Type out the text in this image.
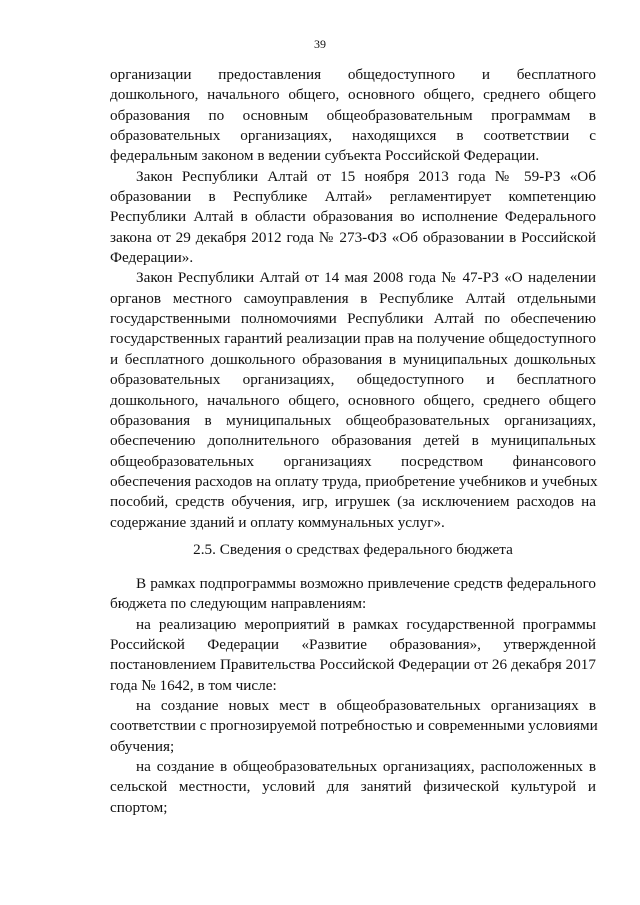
39
организации предоставления общедоступного и бесплатного
дошкольного, начального общего, основного общего, среднего общего
образования по основным общеобразовательным программам в
образовательных организациях, находящихся в соответствии с
федеральным законом в ведении субъекта Российской Федерации.
Закон Республики Алтай от 15 ноября 2013 года № 59-РЗ «Об
образовании в Республике Алтай» регламентирует компетенцию
Республики Алтай в области образования во исполнение Федерального
закона от 29 декабря 2012 года № 273-ФЗ «Об образовании в Российской
Федерации».
Закон Республики Алтай от 14 мая 2008 года № 47-РЗ «О наделении
органов местного самоуправления в Республике Алтай отдельными
государственными полномочиями Республики Алтай по обеспечению
государственных гарантий реализации прав на получение общедоступного
и бесплатного дошкольного образования в муниципальных дошкольных
образовательных организациях, общедоступного и бесплатного
дошкольного, начального общего, основного общего, среднего общего
образования в муниципальных общеобразовательных организациях,
обеспечению дополнительного образования детей в муниципальных
общеобразовательных организациях посредством финансового
обеспечения расходов на оплату труда, приобретение учебников и учебных
пособий, средств обучения, игр, игрушек (за исключением расходов на
содержание зданий и оплату коммунальных услуг».
2.5. Сведения о средствах федерального бюджета
В рамках подпрограммы возможно привлечение средств федерального
бюджета по следующим направлениям:
на реализацию мероприятий в рамках государственной программы
Российской Федерации «Развитие образования», утвержденной
постановлением Правительства Российской Федерации от 26 декабря 2017
года № 1642, в том числе:
на создание новых мест в общеобразовательных организациях в
соответствии с прогнозируемой потребностью и современными условиями
обучения;
на создание в общеобразовательных организациях, расположенных в
сельской местности, условий для занятий физической культурой и
спортом;
